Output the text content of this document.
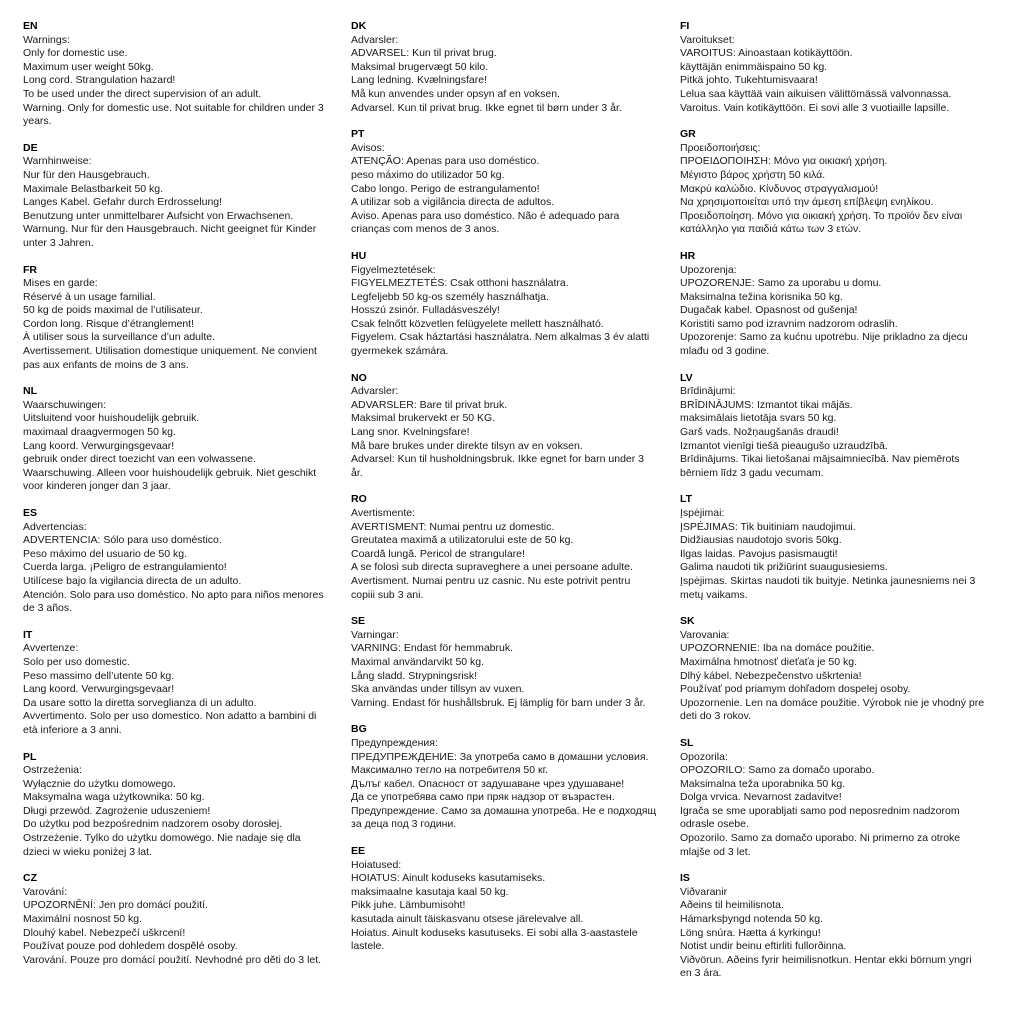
EN
Warnings:
Only for domestic use.
Maximum user weight 50kg.
Long cord. Strangulation hazard!
To be used under the direct supervision of an adult.
Warning. Only for domestic use. Not suitable for children under 3 years.
DE
Warnhinweise:
Nur für den Hausgebrauch.
Maximale Belastbarkeit 50 kg.
Langes Kabel. Gefahr durch Erdrosselung!
Benutzung unter unmittelbarer Aufsicht von Erwachsenen.
Warnung. Nur für den Hausgebrauch. Nicht geeignet für Kinder unter 3 Jahren.
FR
Mises en garde:
Réservé à un usage familial.
50 kg de poids maximal de l’utilisateur.
Cordon long. Risque d’étranglement!
À utiliser sous la surveillance d’un adulte.
Avertissement. Utilisation domestique uniquement. Ne convient pas aux enfants de moins de 3 ans.
NL
Waarschuwingen:
Uitsluitend voor huishoudelijk gebruik.
maximaal draagvermogen 50 kg.
Lang koord. Verwurgingsgevaar!
gebruik onder direct toezicht van een volwassene.
Waarschuwing. Alleen voor huishoudelijk gebruik. Niet geschikt voor kinderen jonger dan 3 jaar.
ES
Advertencias:
ADVERTENCIA: Sólo para uso doméstico.
Peso máximo del usuario de 50 kg.
Cuerda larga. ¡Peligro de estrangulamiento!
Utilícese bajo la vigilancia directa de un adulto.
Atención. Solo para uso doméstico. No apto para niños menores de 3 años.
IT
Avvertenze:
Solo per uso domestic.
Peso massimo dell’utente 50 kg.
Lang koord. Verwurgingsgevaar!
Da usare sotto la diretta sorveglianza di un adulto.
Avvertimento. Solo per uso domestico. Non adatto a bambini di età inferiore a 3 anni.
PL
Ostrzeżenia:
Wyłącznie do użytku domowego.
Maksymalna waga użytkownika: 50 kg.
Długi przewód. Zagrożenie uduszeniem!
Do użytku pod bezpośrednim nadzorem osoby dorosłej.
Ostrzeżenie. Tylko do użytku domowego. Nie nadaje się dla dzieci w wieku poniżej 3 lat.
CZ
Varování:
UPOZORNĚNÍ: Jen pro domácí použití.
Maximální nosnost 50 kg.
Dlouhý kabel. Nebezpečí uškrcení!
Používat pouze pod dohledem dospělé osoby.
Varování. Pouze pro domácí použití. Nevhodné pro děti do 3 let.
DK
Advarsler:
ADVARSEL: Kun til privat brug.
Maksimal brugervægt 50 kilo.
Lang ledning. Kvælningsfare!
Må kun anvendes under opsyn af en voksen.
Advarsel. Kun til privat brug. Ikke egnet til børn under 3 år.
PT
Avisos:
ATENÇÃO: Apenas para uso doméstico.
peso máximo do utilizador 50 kg.
Cabo longo. Perigo de estrangulamento!
A utilizar sob a vigilância directa de adultos.
Aviso. Apenas para uso doméstico. Não é adequado para crianças com menos de 3 anos.
HU
Figyelmeztetések:
FIGYELMEZTETÉS: Csak otthoni használatra.
Legfeljebb 50 kg-os személy használhatja.
Hosszú zsinór. Fulladásveszély!
Csak felnőtt közvetlen felügyelete mellett használható.
Figyelem. Csak háztartási használatra. Nem alkalmas 3 év alatti gyermekek számára.
NO
Advarsler:
ADVARSLER: Bare til privat bruk.
Maksimal brukervekt er 50 KG.
Lang snor. Kvelningsfare!
Må bare brukes under direkte tilsyn av en voksen.
Advarsel: Kun til husholdningsbruk. Ikke egnet for barn under 3 år.
RO
Avertismente:
AVERTISMENT: Numai pentru uz domestic.
Greutatea maximă a utilizatorului este de 50 kg.
Coardă lungă. Pericol de strangulare!
A se folosi sub directa supraveghere a unei persoane adulte.
Avertisment. Numai pentru uz casnic. Nu este potrivit pentru copiii sub 3 ani.
SE
Varningar:
VARNING: Endast för hemmabruk.
Maximal användarvikt 50 kg.
Lång sladd. Strypningsrisk!
Ska användas under tillsyn av vuxen.
Varning. Endast för hushållsbruk. Ej lämplig för barn under 3 år.
BG
Предупреждения:
ПРЕДУПРЕЖДЕНИЕ: За употреба само в домашни условия.
Максимално тегло на потребителя 50 кг.
Дълъг кабел. Опасност от задушаване чрез удушаване!
Да се употребява само при пряк надзор от възрастен.
Предупреждение. Само за домашна употреба. Не е подходящ за деца под 3 години.
EE
Hoiatused:
HOIATUS: Ainult koduseks kasutamiseks.
maksimaalne kasutaja kaal 50 kg.
Pikk juhe. Lämbumisoht!
kasutada ainult täiskasvanu otsese järelevalve all.
Hoiatus. Ainult koduseks kasutuseks. Ei sobi alla 3-aastastele lastele.
FI
Varoitukset:
VAROITUS: Ainoastaan kotikäyttöön.
käyttäjän enimmäispaino 50 kg.
Pitkä johto. Tukehtumisvaara!
Lelua saa käyttää vain aikuisen välittömässä valvonnassa.
Varoitus. Vain kotikäyttöön. Ei sovi alle 3 vuotiaille lapsille.
GR
Προειδοποιήσεις:
ΠΡΟΕΙΔΟΠΟΙΗΣΗ: Μόνο για οικιακή χρήση.
Μέγιστο βάρος χρήστη 50 κιλά.
Μακρύ καλώδιο. Κίνδυνος στραγγαλισμού!
Να χρησιμοποιείται υπό την άμεση επίβλεψη ενηλίκου.
Προειδοποίηση. Μόνο για οικιακή χρήση. Το προϊόν δεν είναι κατάλληλο για παιδιά κάτω των 3 ετών.
HR
Upozorenja:
UPOZORENJE: Samo za uporabu u domu.
Maksimalna težina korisnika 50 kg.
Dugačak kabel. Opasnost od gušenja!
Koristiti samo pod izravnim nadzorom odraslih.
Upozorenje: Samo za kućnu upotrebu. Nije prikladno za djecu mlađu od 3 godine.
LV
Brīdinājumi:
BRĪDINĀJUMS: Izmantot tikai mājās.
maksimālais lietotāja svars 50 kg.
Garš vads. Nožņaugšanās draudi!
Izmantot vienīgi tiešā pieaugušo uzraudzībā.
Brīdinājums. Tikai lietošanai mājsaimniecībā. Nav piemērots bērniem līdz 3 gadu vecumam.
LT
Įspėjimai:
ĮSPĖJIMAS: Tik buitiniam naudojimui.
Didžiausias naudotojo svoris 50kg.
Ilgas laidas. Pavojus pasismaugti!
Galima naudoti tik prižiūrint suaugusiesiems.
Įspėjimas. Skirtas naudoti tik buityje. Netinka jaunesniems nei 3 metų vaikams.
SK
Varovania:
UPOZORNENIE: Iba na domáce použitie.
Maximálna hmotnosť dieťaťa je 50 kg.
Dlhý kábel. Nebezpečenstvo uškrtenia!
Používať pod priamym dohľadom dospelej osoby.
Upozornenie. Len na domáce použitie. Výrobok nie je vhodný pre deti do 3 rokov.
SL
Opozorila:
OPOZORILO: Samo za domačo uporabo.
Maksimalna teža uporabnika 50 kg.
Dolga vrvica. Nevarnost zadavitve!
Igrača se sme uporabljati samo pod neposrednim nadzorom odrasle osebe.
Opozorilo. Samo za domačo uporabo. Ni primerno za otroke mlajše od 3 let.
IS
Viðvaranir
Aðeins til heimilisnota.
Hámarksþyngd notenda 50 kg.
Löng snúra. Hætta á kyrkingu!
Notist undir beinu eftirliti fullorðinna.
Viðvörun. Aðeins fyrir heimilisnotkun. Hentar ekki börnum yngri en 3 ára.
